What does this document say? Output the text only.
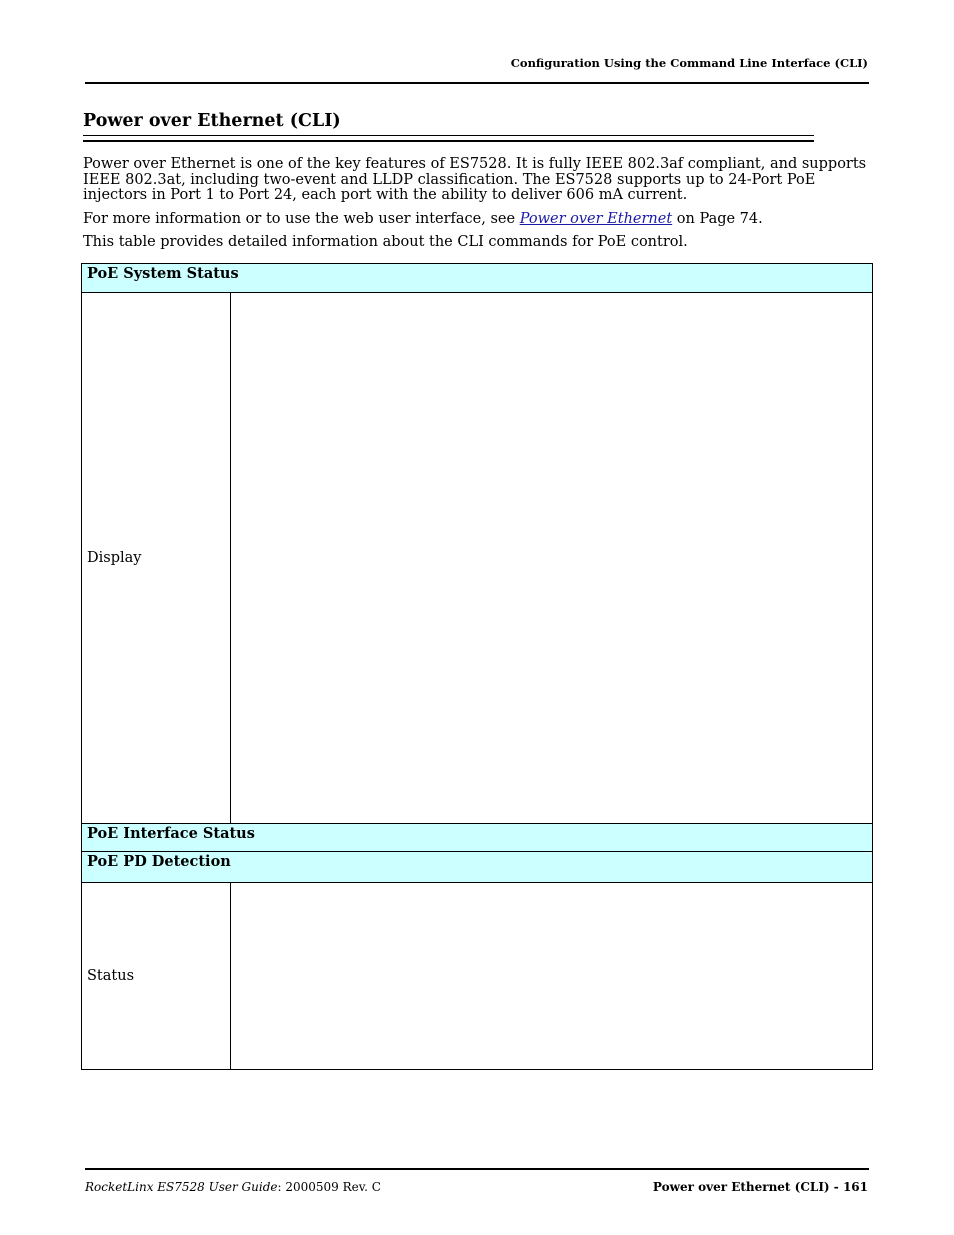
Configuration Using the Command Line Interface (CLI)
Power over Ethernet (CLI)

Power over Ethernet is one of the key features of ES7528. It is fully IEEE 802.3af compliant, and supports IEEE 802.3at, including two-event and LLDP classification. The ES7528 supports up to 24-Port PoE injectors in Port 1 to Port 24, each port with the ability to deliver 606 mA current.

For more information or to use the web user interface, see Power over Ethernet on Page 74.

This table provides detailed information about the CLI commands for PoE control.

PoE System Status	
Display	
PoE Interface Status	
PoE PD Detection	
Status	
RocketLinx ES7528 User Guide: 2000509 Rev. C	Power over Ethernet (CLI) - 161
